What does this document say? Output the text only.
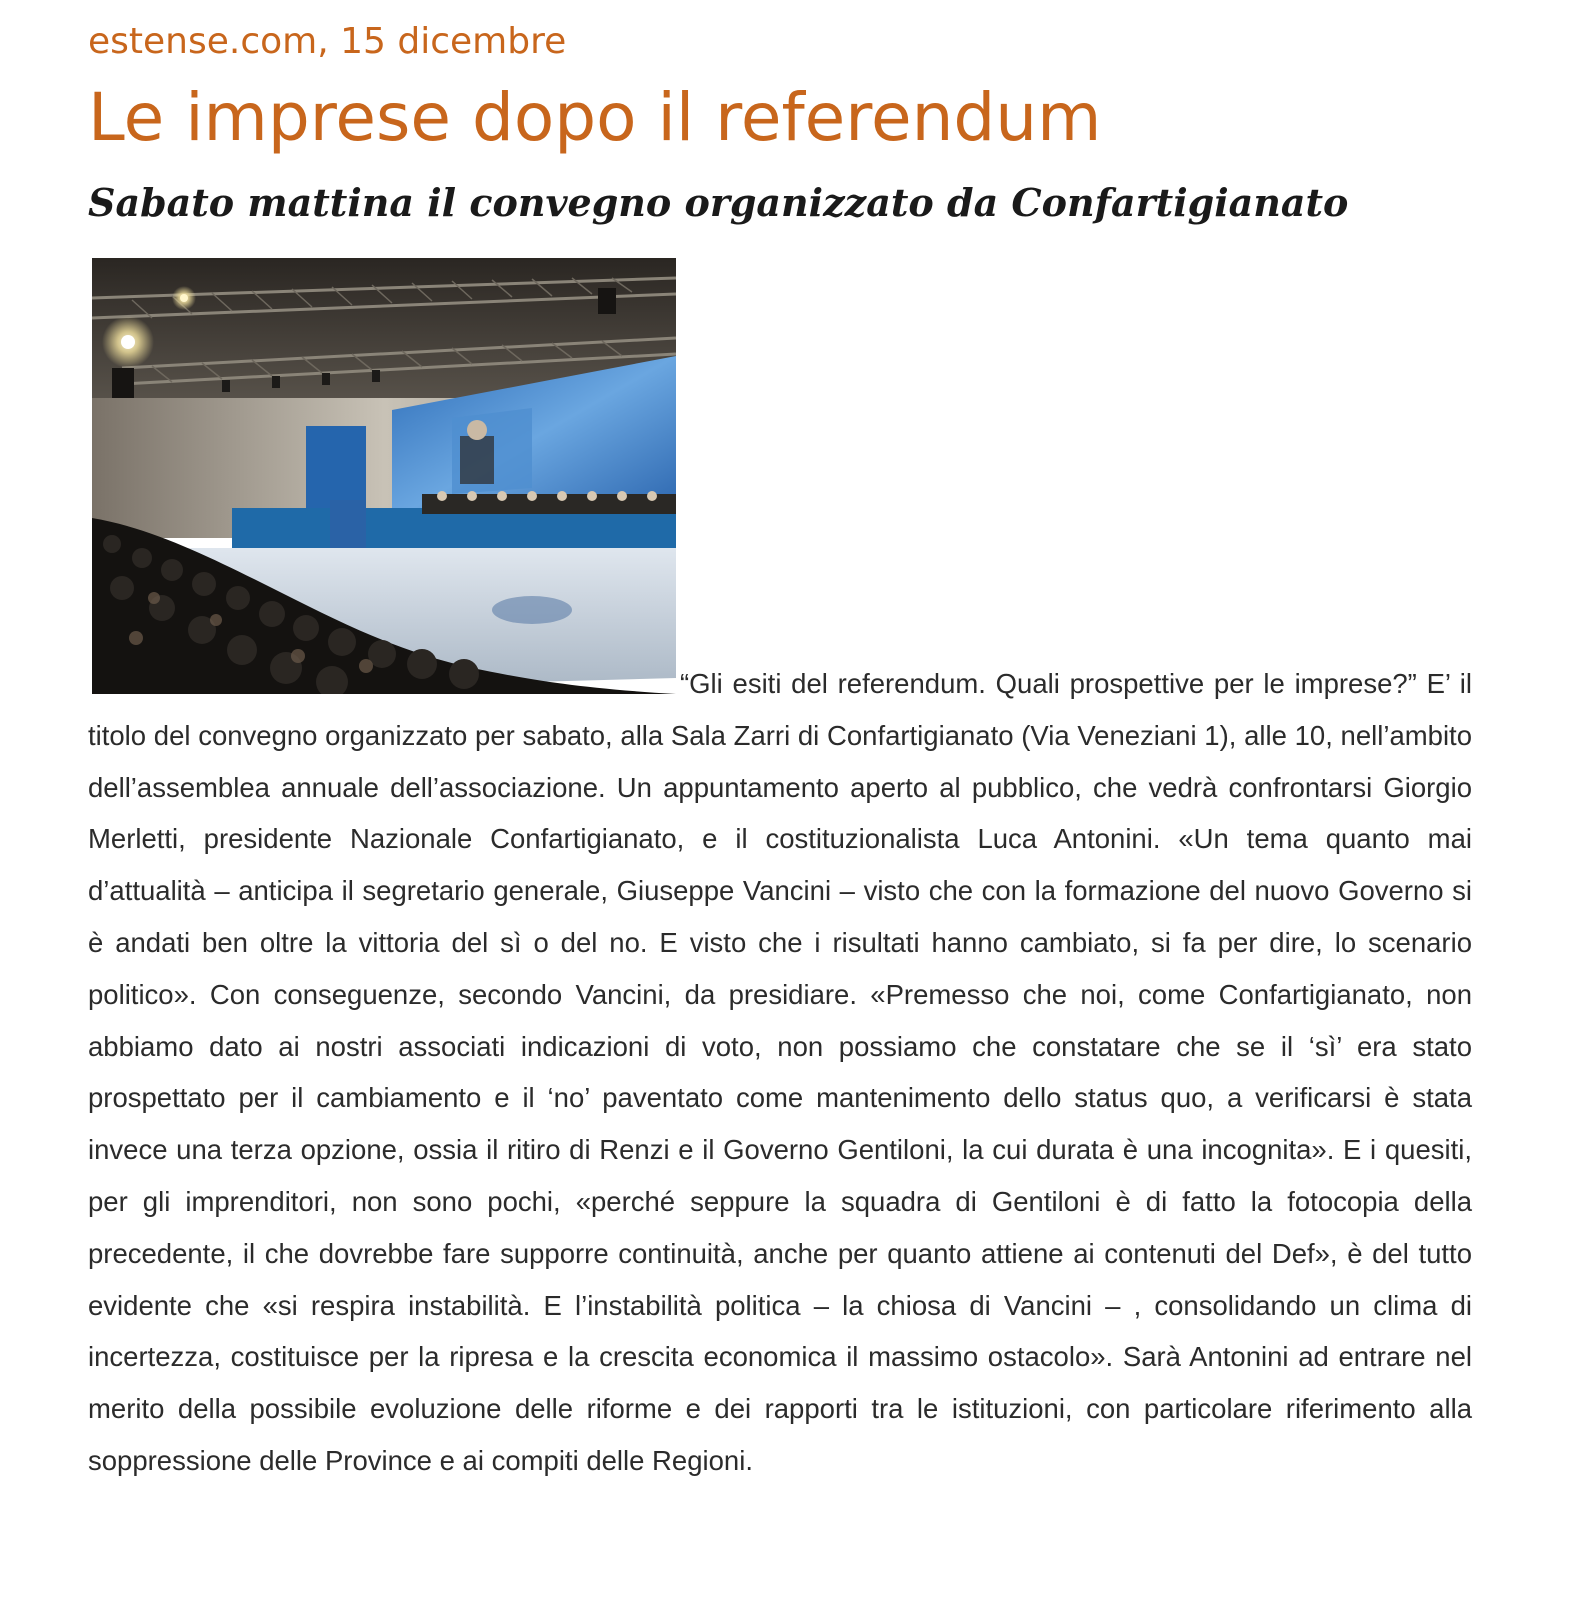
estense.com, 15 dicembre

Le imprese dopo il referendum
Sabato mattina il convegno organizzato da Confartigianato

“Gli esiti del referendum. Quali prospettive per le imprese?” E’ il titolo del convegno organizzato per sabato, alla Sala Zarri di Confartigianato (Via Veneziani 1), alle 10, nell’ambito dell’assemblea annuale dell’associazione. Un appuntamento aperto al pubblico, che vedrà confrontarsi Giorgio Merletti, presidente Nazionale Confartigianato, e il costituzionalista Luca Antonini. «Un tema quanto mai d’attualità – anticipa il segretario generale, Giuseppe Vancini – visto che con la formazione del nuovo Governo si è andati ben oltre la vittoria del sì o del no. E visto che i risultati hanno cambiato, si fa per dire, lo scenario politico». Con conseguenze, secondo Vancini, da presidiare. «Premesso che noi, come Confartigianato, non abbiamo dato ai nostri associati indicazioni di voto, non possiamo che constatare che se il ‘sì’ era stato prospettato per il cambiamento e il ‘no’ paventato come mantenimento dello status quo, a verificarsi è stata invece una terza opzione, ossia il ritiro di Renzi e il Governo Gentiloni, la cui durata è una incognita». E i quesiti, per gli imprenditori, non sono pochi, «perché seppure la squadra di Gentiloni è di fatto la fotocopia della precedente, il che dovrebbe fare supporre continuità, anche per quanto attiene ai contenuti del Def», è del tutto evidente che «si respira instabilità. E l’instabilità politica – la chiosa di Vancini – , consolidando un clima di incertezza, costituisce per la ripresa e la crescita economica il massimo ostacolo». Sarà Antonini ad entrare nel merito della possibile evoluzione delle riforme e dei rapporti tra le istituzioni, con particolare riferimento alla soppressione delle Province e ai compiti delle Regioni.
